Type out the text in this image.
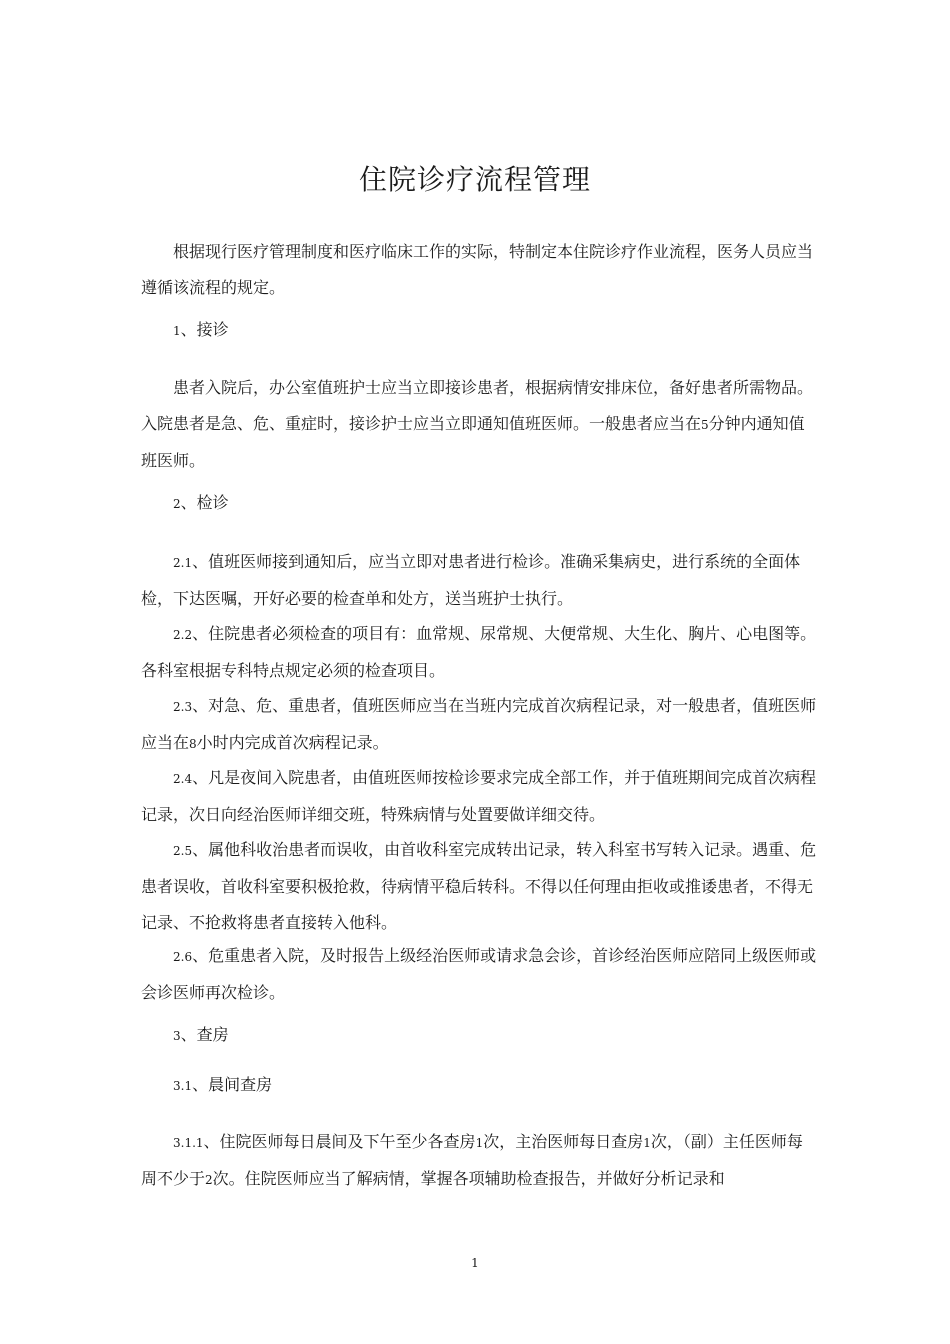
住院诊疗流程管理

根据现行医疗管理制度和医疗临床工作的实际，特制定本住院诊疗作业流程，医务人员应当遵循该流程的规定。

1、接诊

患者入院后，办公室值班护士应当立即接诊患者，根据病情安排床位，备好患者所需物品。入院患者是急、危、重症时，接诊护士应当立即通知值班医师。一般患者应当在5分钟内通知值班医师。

2、检诊

2.1、值班医师接到通知后，应当立即对患者进行检诊。准确采集病史，进行系统的全面体检，下达医嘱，开好必要的检查单和处方，送当班护士执行。

2.2、住院患者必须检查的项目有：血常规、尿常规、大便常规、大生化、胸片、心电图等。各科室根据专科特点规定必须的检查项目。

2.3、对急、危、重患者，值班医师应当在当班内完成首次病程记录，对一般患者，值班医师应当在8小时内完成首次病程记录。

2.4、凡是夜间入院患者，由值班医师按检诊要求完成全部工作，并于值班期间完成首次病程记录，次日向经治医师详细交班，特殊病情与处置要做详细交待。

2.5、属他科收治患者而误收，由首收科室完成转出记录，转入科室书写转入记录。遇重、危患者误收，首收科室要积极抢救，待病情平稳后转科。不得以任何理由拒收或推诿患者，不得无记录、不抢救将患者直接转入他科。

2.6、危重患者入院，及时报告上级经治医师或请求急会诊，首诊经治医师应陪同上级医师或会诊医师再次检诊。

3、查房

3.1、晨间查房

3.1.1、住院医师每日晨间及下午至少各查房1次，主治医师每日查房1次，（副）主任医师每周不少于2次。住院医师应当了解病情，掌握各项辅助检查报告，并做好分析记录和

1
